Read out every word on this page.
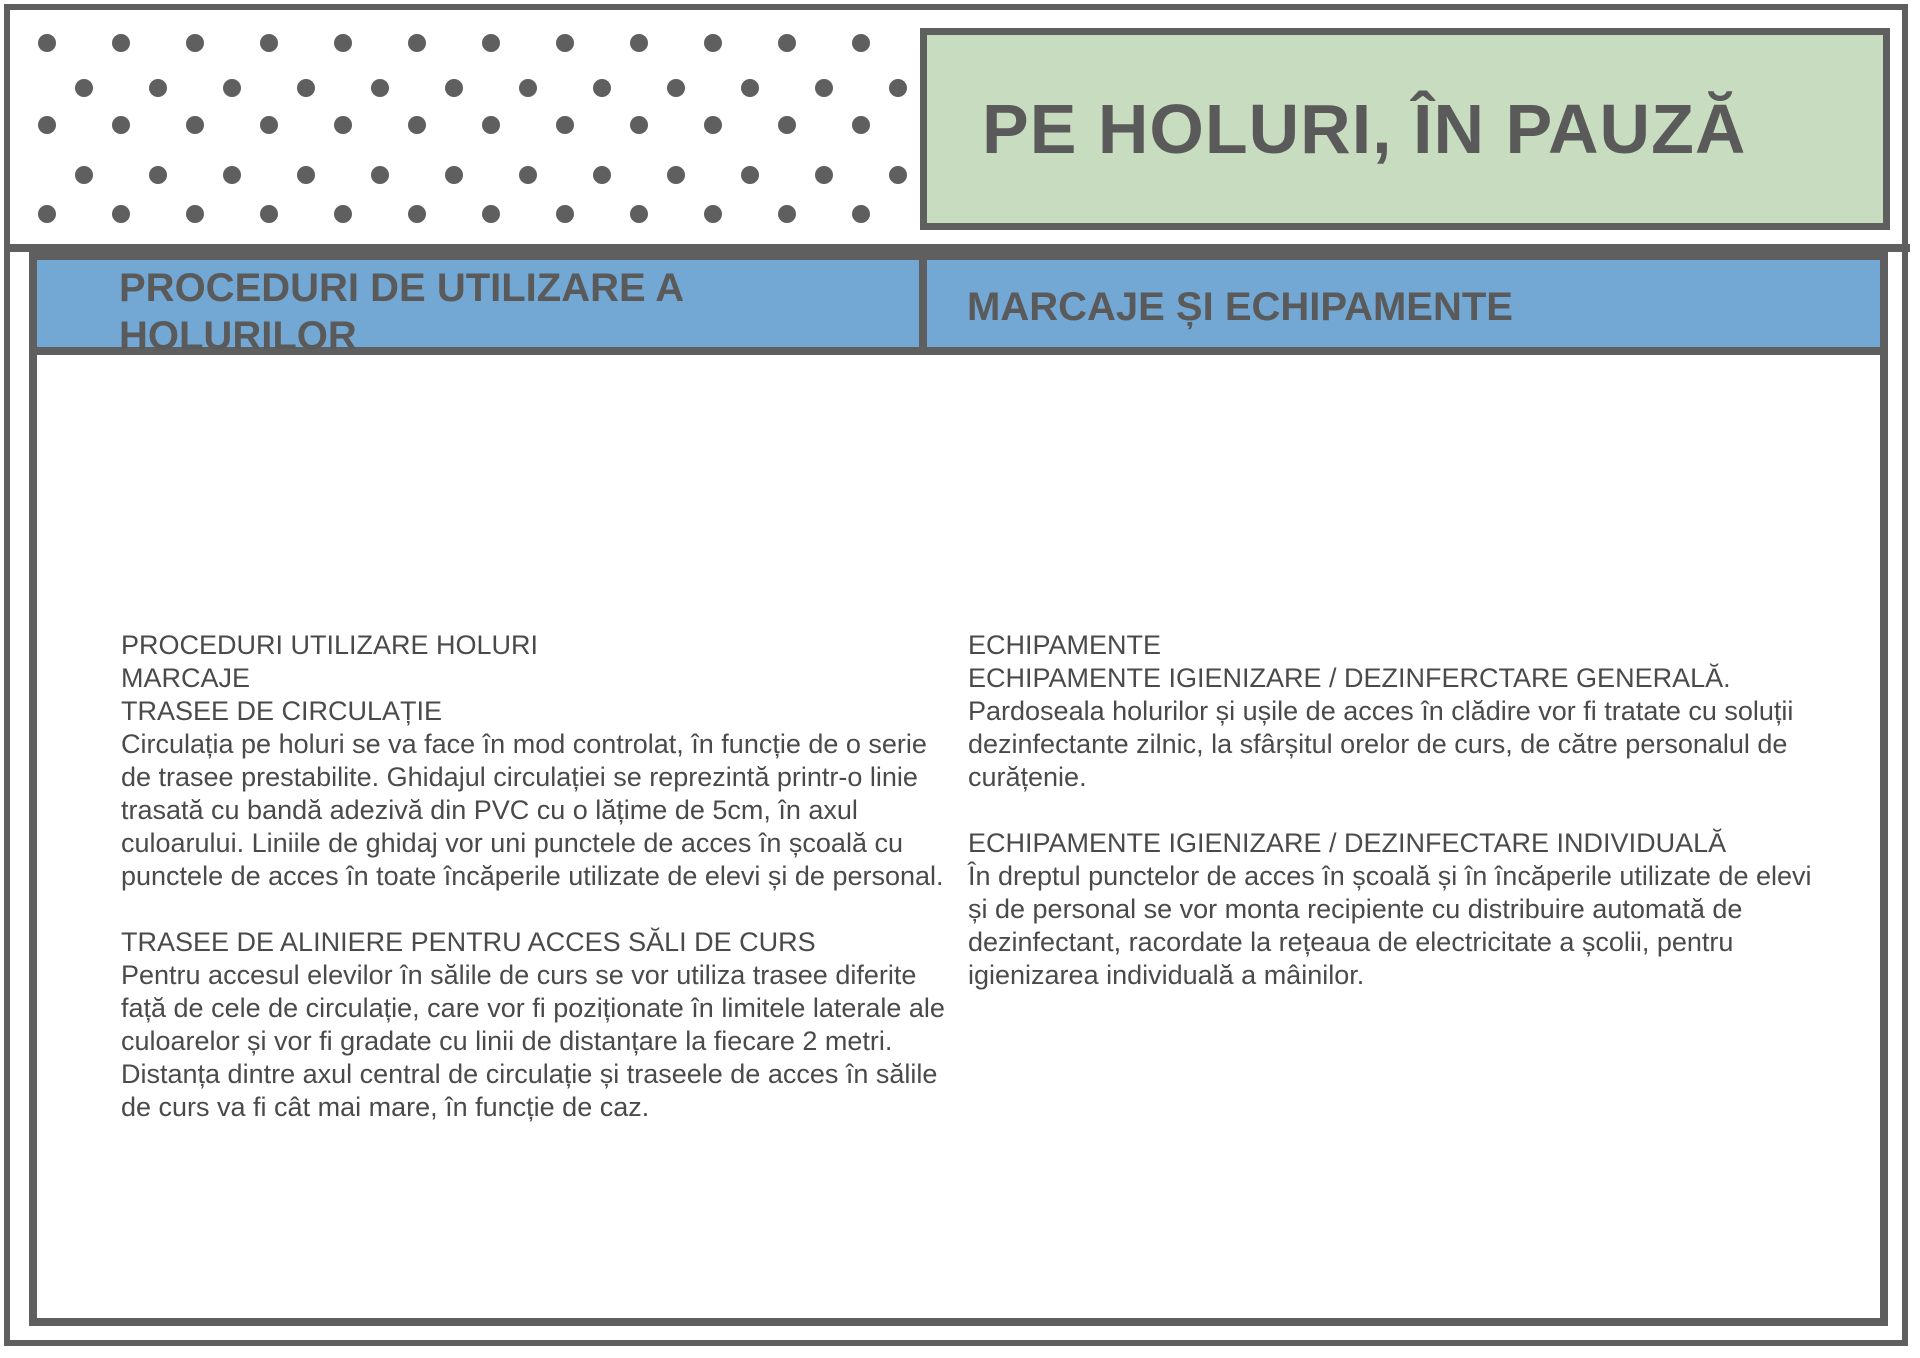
PE HOLURI, ÎN PAUZĂ
PROCEDURI DE UTILIZARE A HOLURILOR
MARCAJE ȘI ECHIPAMENTE
PROCEDURI UTILIZARE HOLURI
MARCAJE
TRASEE DE CIRCULAȚIE
Circulația pe holuri se va face în mod controlat, în funcție de o serie de trasee prestabilite. Ghidajul circulației se reprezintă printr-o linie trasată cu bandă adezivă din PVC cu o lățime de 5cm, în axul culoarului. Liniile de ghidaj vor uni punctele de acces în școală cu punctele de acces în toate încăperile utilizate de elevi și de personal.
TRASEE DE ALINIERE PENTRU ACCES SĂLI DE CURS
Pentru accesul elevilor în sălile de curs se vor utiliza trasee diferite față de cele de circulație, care vor fi poziționate în limitele laterale ale culoarelor și vor fi gradate cu linii de distanțare la fiecare 2 metri.
Distanța dintre axul central de circulație și traseele de acces în sălile de curs va fi cât mai mare, în funcție de caz.
ECHIPAMENTE
ECHIPAMENTE IGIENIZARE / DEZINFERCTARE GENERALĂ.
Pardoseala holurilor și ușile de acces în clădire vor fi tratate cu soluții dezinfectante zilnic, la sfârșitul orelor de curs, de către personalul de curățenie.
ECHIPAMENTE IGIENIZARE / DEZINFECTARE INDIVIDUALĂ
În dreptul punctelor de acces în școală și în încăperile utilizate de elevi și de personal se vor monta recipiente cu distribuire automată de dezinfectant, racordate la rețeaua de electricitate a școlii, pentru igienizarea individuală a mâinilor.
